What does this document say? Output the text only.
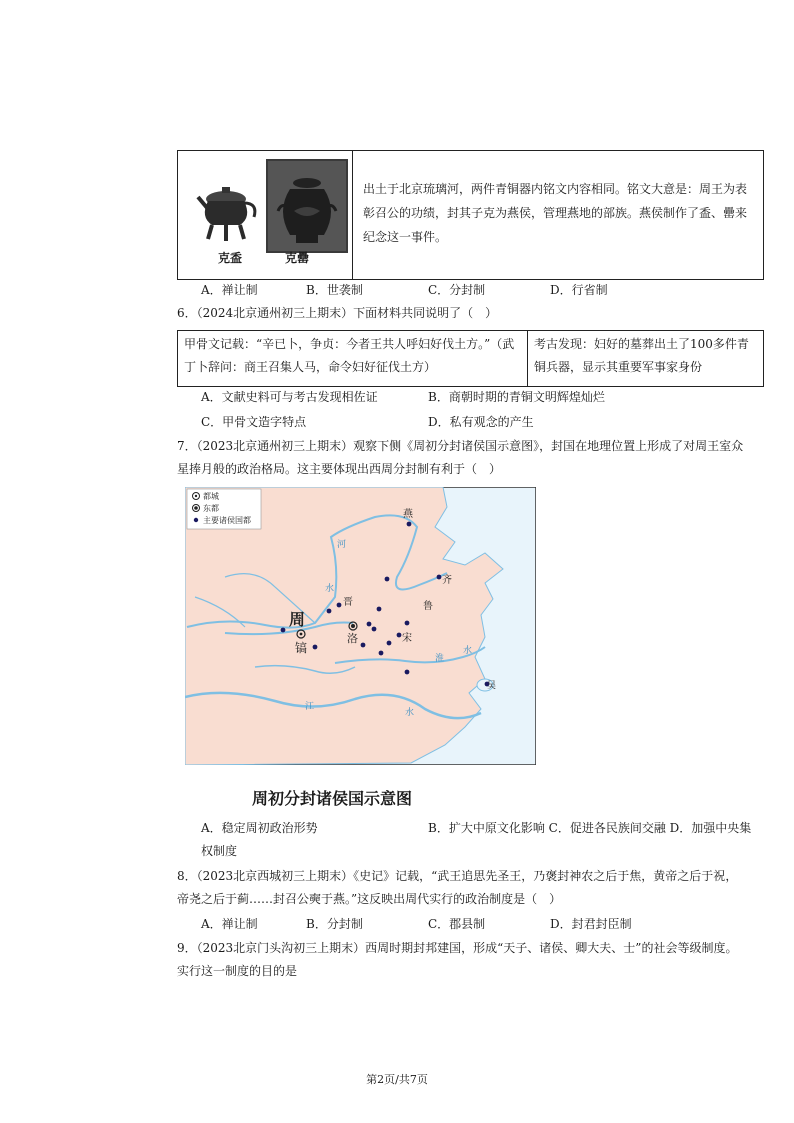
克盉	克罍

出土于北京琉璃河，两件青铜器内铭文内容相同。铭文大意是：周王为表
彰召公的功绩，封其子克为燕侯，管理燕地的部族。燕侯制作了盉、罍来
纪念这一事件。
A．禅让制	B．世袭制	C．分封制	D．行省制
6．（2024北京通州初三上期末）下面材料共同说明了（　）
甲骨文记载：“辛已卜，争贞：今者王共人呼妇好伐土方。”（武
丁卜辞问：商王召集人马，命令妇好征伐土方）

考古发现：妇好的墓葬出土了100多件青
铜兵器，显示其重要军事家身份
A．文献史料可与考古发现相佐证	B．商朝时期的青铜文明辉煌灿烂
C．甲骨文造字特点	D．私有观念的产生
7．（2023北京通州初三上期末）观察下侧《周初分封诸侯国示意图》，封国在地理位置上形成了对周王室众
星捧月般的政治格局。这主要体现出西周分封制有利于（　）
都城
东都
主要诸侯国都
周
镐
洛
燕
齐
鲁
宋
晋
吴
河
水
江
水
淮
水
周初分封诸侯国示意图
A．稳定周初政治形势	B．扩大中原文化影响 C．促进各民族间交融 D．加强中央集
权制度
8．（2023北京西城初三上期末）《史记》记载，“武王追思先圣王，乃褒封神农之后于焦，黄帝之后于祝，
帝尧之后于蓟……封召公奭于燕。”这反映出周代实行的政治制度是（　）
A．禅让制	B．分封制	C．郡县制	D．封君封臣制
9．（2023北京门头沟初三上期末）西周时期封邦建国，形成“天子、诸侯、卿大夫、士”的社会等级制度。
实行这一制度的目的是
第2页/共7页
